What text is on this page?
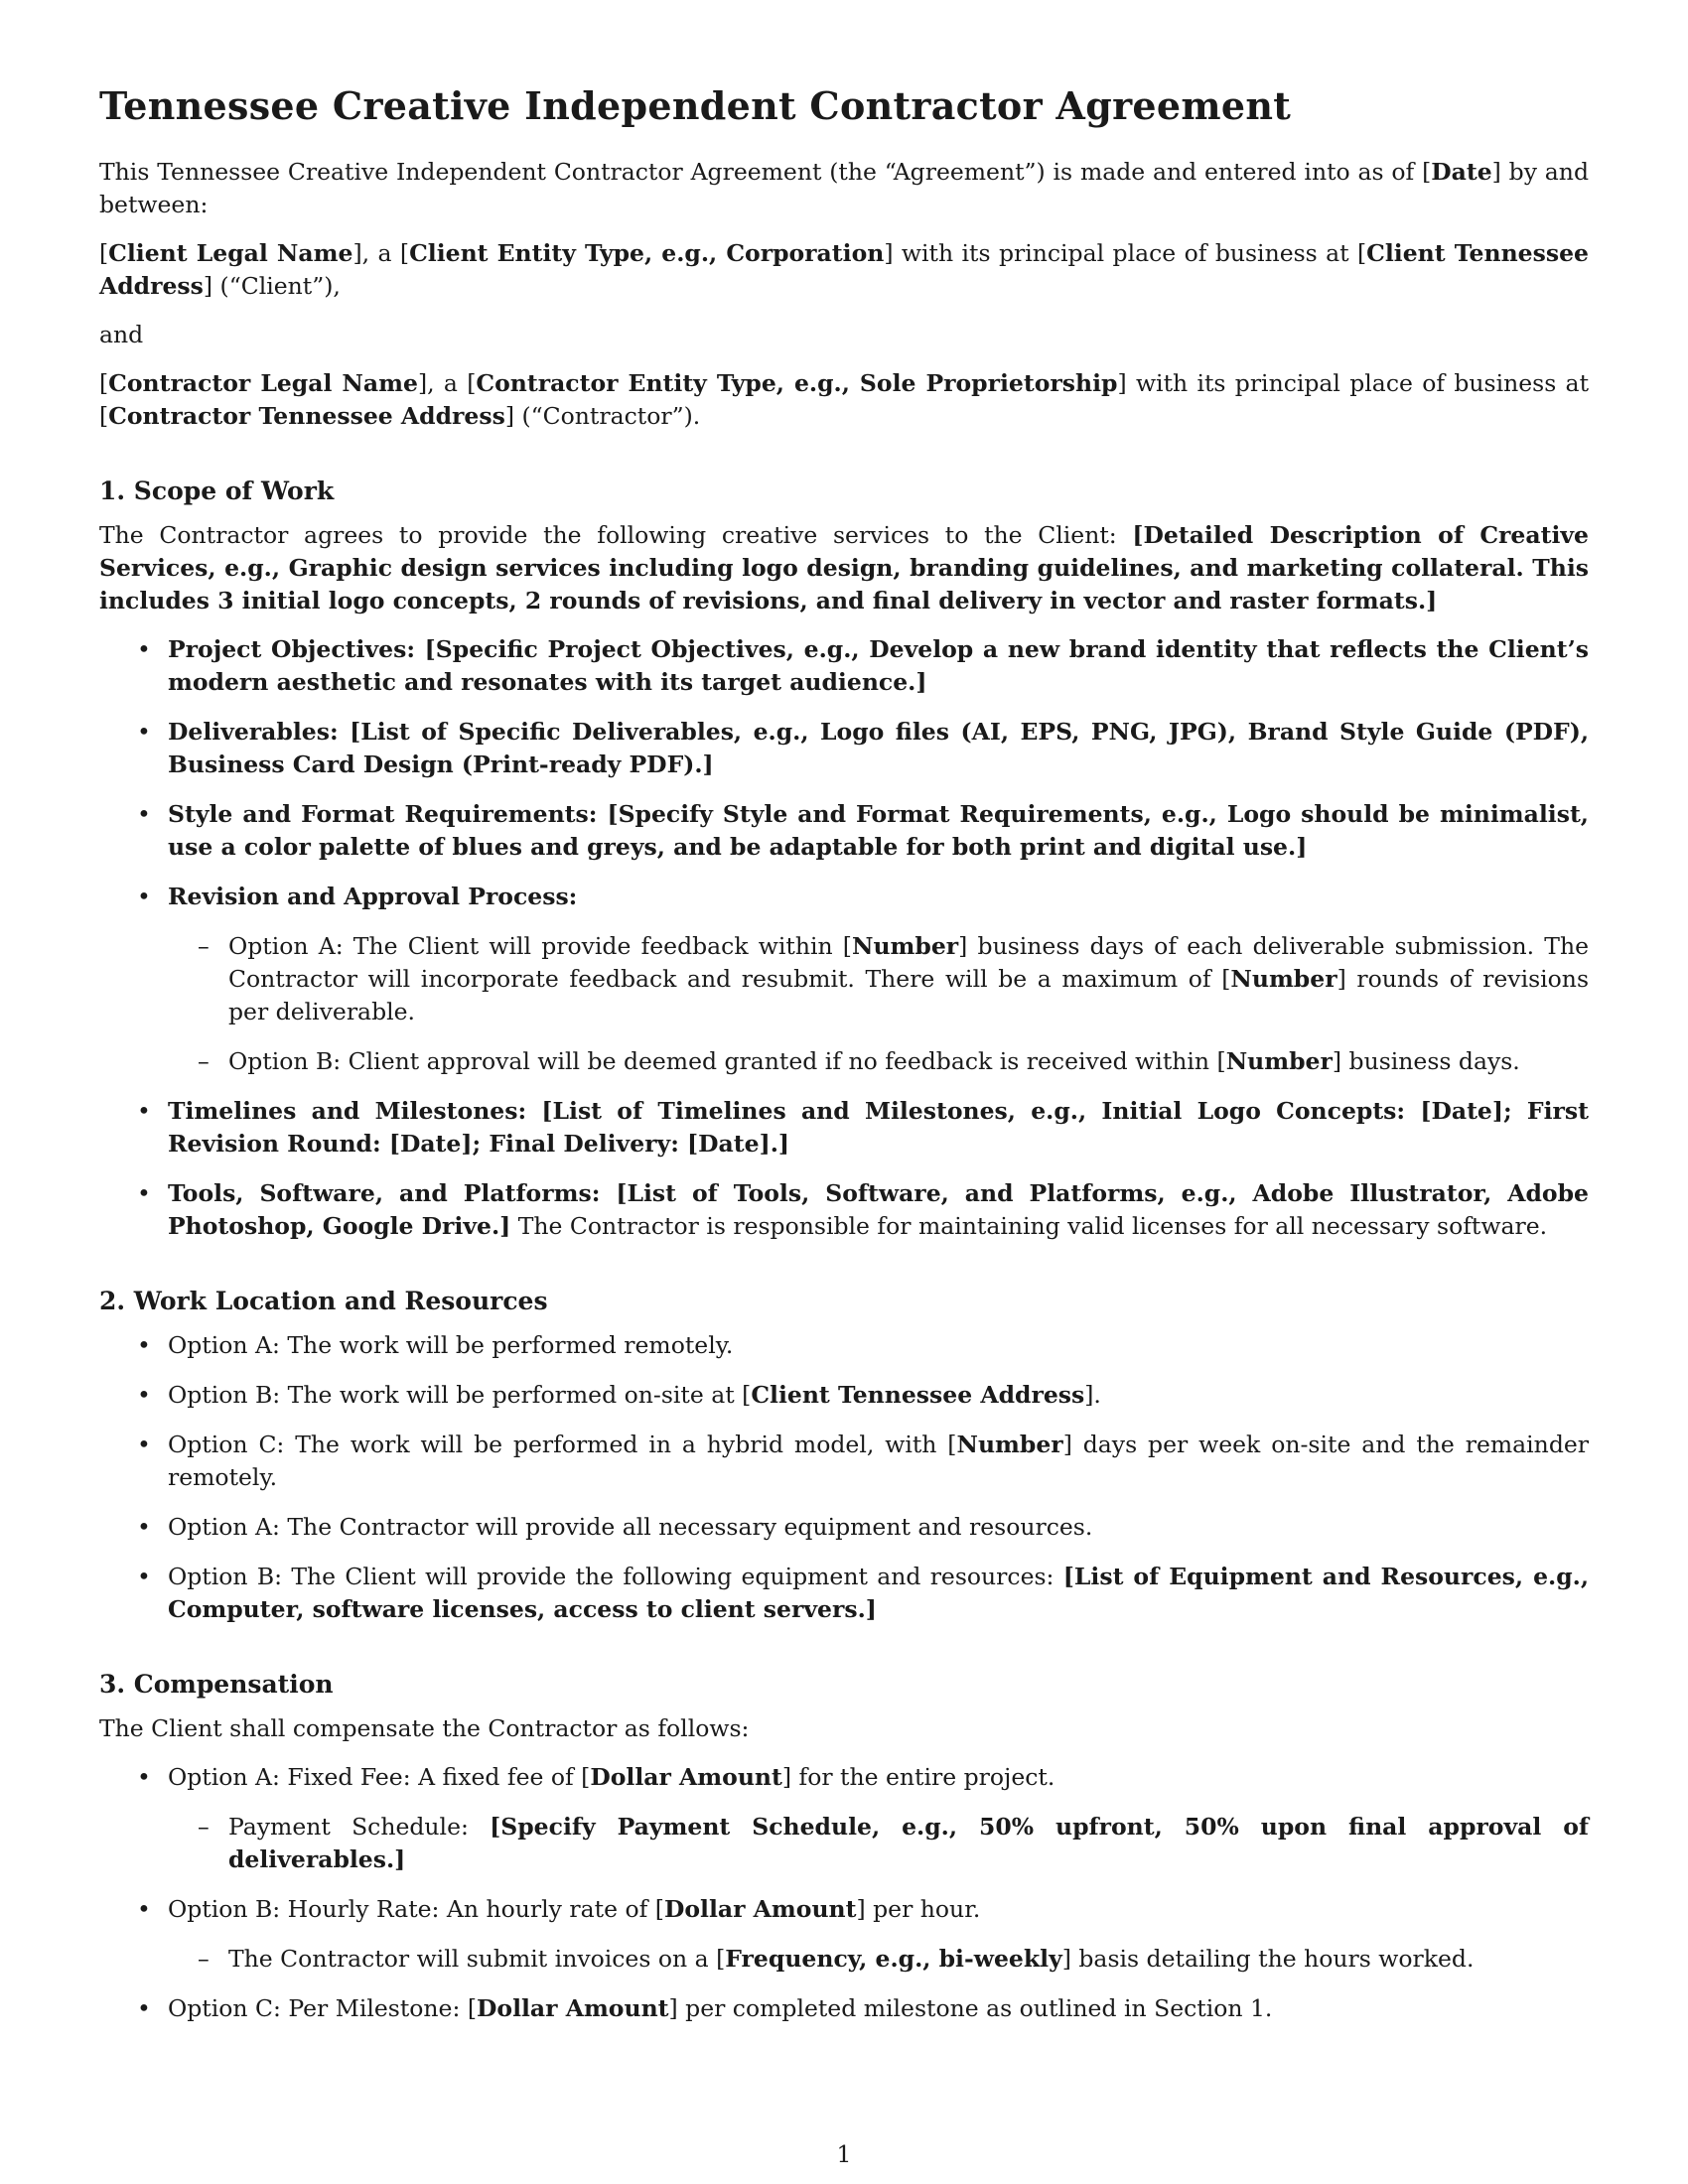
Tennessee Creative Independent Contractor Agreement

This Tennessee Creative Independent Contractor Agreement (the “Agreement”) is made and entered into as of [Date] by and between:

[Client Legal Name], a [Client Entity Type, e.g., Corporation] with its principal place of business at [Client Tennessee Address] (“Client”),

and

[Contractor Legal Name], a [Contractor Entity Type, e.g., Sole Proprietorship] with its principal place of business at [Contractor Tennessee Address] (“Contractor”).

1. Scope of Work

The Contractor agrees to provide the following creative services to the Client: [Detailed Description of Creative Services, e.g., Graphic design services including logo design, branding guidelines, and marketing collateral. This includes 3 initial logo concepts, 2 rounds of revisions, and final delivery in vector and raster formats.]

• Project Objectives: [Specific Project Objectives, e.g., Develop a new brand identity that reflects the Client’s modern aesthetic and resonates with its target audience.]
• Deliverables: [List of Specific Deliverables, e.g., Logo files (AI, EPS, PNG, JPG), Brand Style Guide (PDF), Business Card Design (Print-ready PDF).]
• Style and Format Requirements: [Specify Style and Format Requirements, e.g., Logo should be minimalist, use a color palette of blues and greys, and be adaptable for both print and digital use.]
• Revision and Approval Process:
– Option A: The Client will provide feedback within [Number] business days of each deliverable submission. The Contractor will incorporate feedback and resubmit. There will be a maximum of [Number] rounds of revisions per deliverable.
– Option B: Client approval will be deemed granted if no feedback is received within [Number] business days.
• Timelines and Milestones: [List of Timelines and Milestones, e.g., Initial Logo Concepts: [Date]; First Revision Round: [Date]; Final Delivery: [Date].]
• Tools, Software, and Platforms: [List of Tools, Software, and Platforms, e.g., Adobe Illustrator, Adobe Photoshop, Google Drive.] The Contractor is responsible for maintaining valid licenses for all necessary software.
2. Work Location and Resources
• Option A: The work will be performed remotely.
• Option B: The work will be performed on-site at [Client Tennessee Address].
• Option C: The work will be performed in a hybrid model, with [Number] days per week on-site and the remainder remotely.
• Option A: The Contractor will provide all necessary equipment and resources.
• Option B: The Client will provide the following equipment and resources: [List of Equipment and Resources, e.g., Computer, software licenses, access to client servers.]
3. Compensation

The Client shall compensate the Contractor as follows:

• Option A: Fixed Fee: A fixed fee of [Dollar Amount] for the entire project.
– Payment Schedule: [Specify Payment Schedule, e.g., 50% upfront, 50% upon final approval of deliverables.]
• Option B: Hourly Rate: An hourly rate of [Dollar Amount] per hour.
– The Contractor will submit invoices on a [Frequency, e.g., bi-weekly] basis detailing the hours worked.
• Option C: Per Milestone: [Dollar Amount] per completed milestone as outlined in Section 1.
1
